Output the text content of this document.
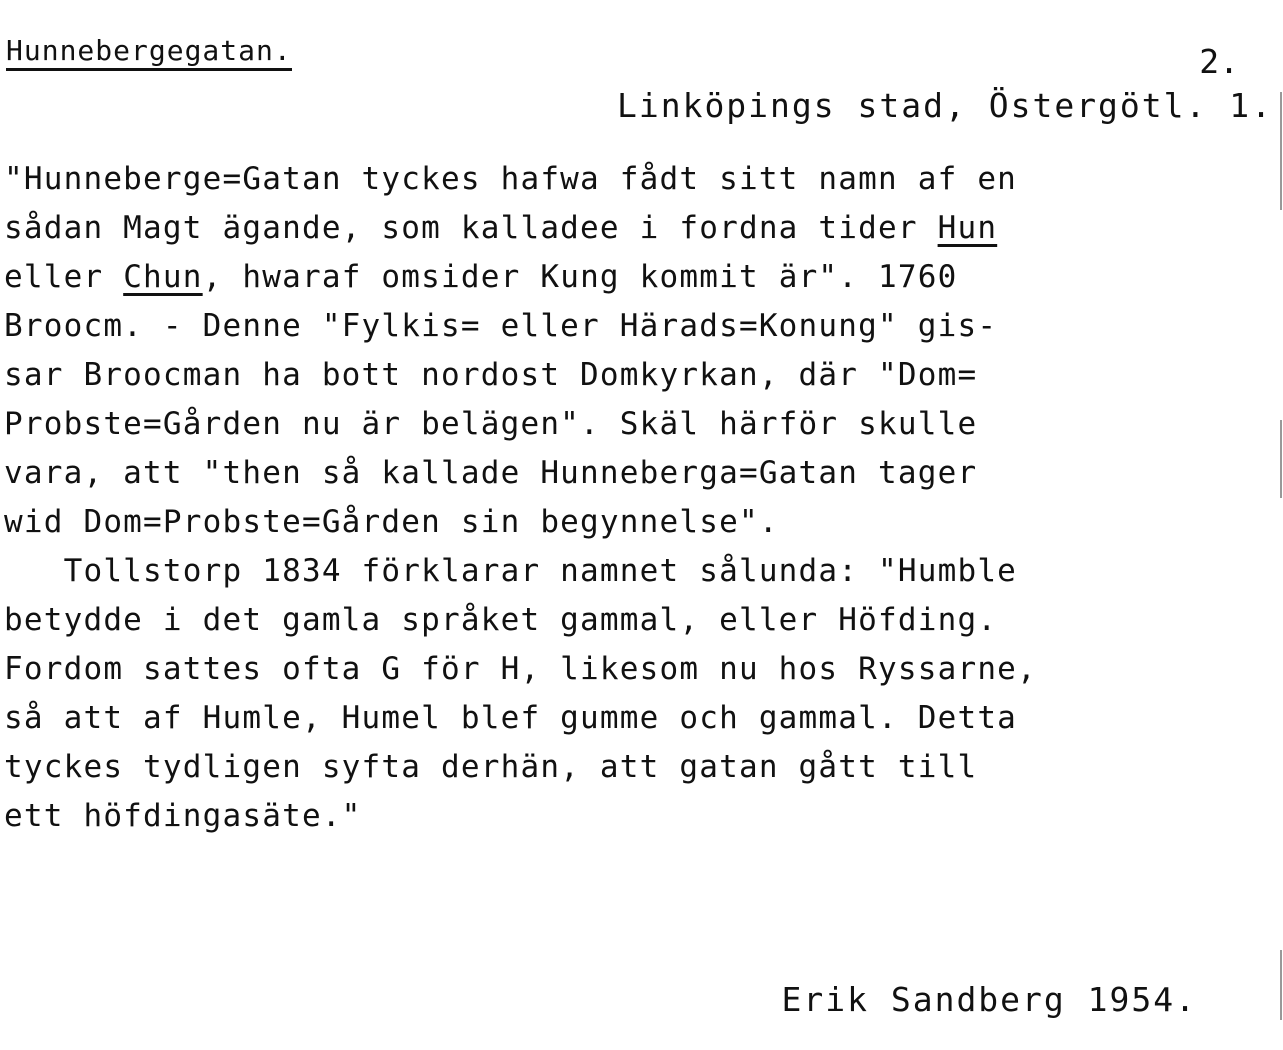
Hunnebergegatan.	2.
Linköpings stad, Östergötl. 1.
"Hunneberge=Gatan tyckes hafwa fådt sitt namn af en
sådan Magt ägande, som kalladee i fordna tider Hun
eller Chun, hwaraf omsider Kung kommit är". 1760
Broocm. - Denne "Fylkis= eller Härads=Konung" gis-
sar Broocman ha bott nordost Domkyrkan, där "Dom=
Probste=Gården nu är belägen". Skäl härför skulle
vara, att "then så kallade Hunneberga=Gatan tager
wid Dom=Probste=Gården sin begynnelse".
Tollstorp 1834 förklarar namnet sålunda: "Humble
betydde i det gamla språket gammal, eller Höfding.
Fordom sattes ofta G för H, likesom nu hos Ryssarne,
så att af Humle, Humel blef gumme och gammal. Detta
tyckes tydligen syfta derhän, att gatan gått till
ett höfdingasäte."
Erik Sandberg 1954.
